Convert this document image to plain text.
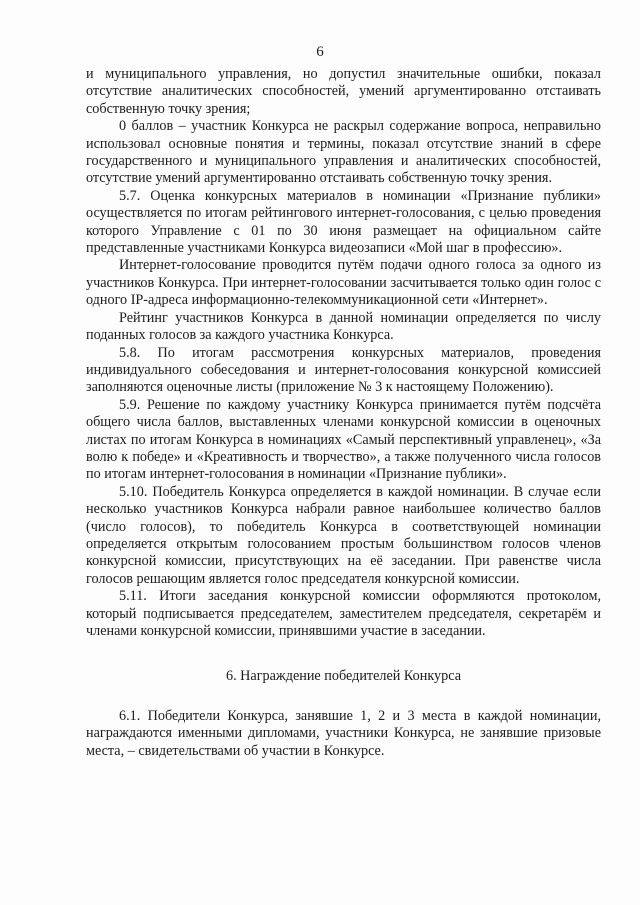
6

и муниципального управления, но допустил значительные ошибки, показал отсутствие аналитических способностей, умений аргументированно отстаивать собственную точку зрения;

0 баллов – участник Конкурса не раскрыл содержание вопроса, неправильно использовал основные понятия и термины, показал отсутствие знаний в сфере государственного и муниципального управления и аналитических способностей, отсутствие умений аргументированно отстаивать собственную точку зрения.

5.7. Оценка конкурсных материалов в номинации «Признание публики» осуществляется по итогам рейтингового интернет-голосования, с целью проведения которого Управление с 01 по 30 июня размещает на официальном сайте представленные участниками Конкурса видеозаписи «Мой шаг в профессию».

Интернет-голосование проводится путём подачи одного голоса за одного из участников Конкурса. При интернет-голосовании засчитывается только один голос с одного IP-адреса информационно-телекоммуникационной сети «Интернет».

Рейтинг участников Конкурса в данной номинации определяется по числу поданных голосов за каждого участника Конкурса.

5.8. По итогам рассмотрения конкурсных материалов, проведения индивидуального собеседования и интернет-голосования конкурсной комиссией заполняются оценочные листы (приложение № 3 к настоящему Положению).

5.9. Решение по каждому участнику Конкурса принимается путём подсчёта общего числа баллов, выставленных членами конкурсной комиссии в оценочных листах по итогам Конкурса в номинациях «Самый перспективный управленец», «За волю к победе» и «Креативность и творчество», а также полученного числа голосов по итогам интернет-голосования в номинации «Признание публики».

5.10. Победитель Конкурса определяется в каждой номинации. В случае если несколько участников Конкурса набрали равное наибольшее количество баллов (число голосов), то победитель Конкурса в соответствующей номинации определяется открытым голосованием простым большинством голосов членов конкурсной комиссии, присутствующих на её заседании. При равенстве числа голосов решающим является голос председателя конкурсной комиссии.

5.11. Итоги заседания конкурсной комиссии оформляются протоколом, который подписывается председателем, заместителем председателя, секретарём и членами конкурсной комиссии, принявшими участие в заседании.

6. Награждение победителей Конкурса

6.1. Победители Конкурса, занявшие 1, 2 и 3 места в каждой номинации, награждаются именными дипломами, участники Конкурса, не занявшие призовые места, – свидетельствами об участии в Конкурсе.
